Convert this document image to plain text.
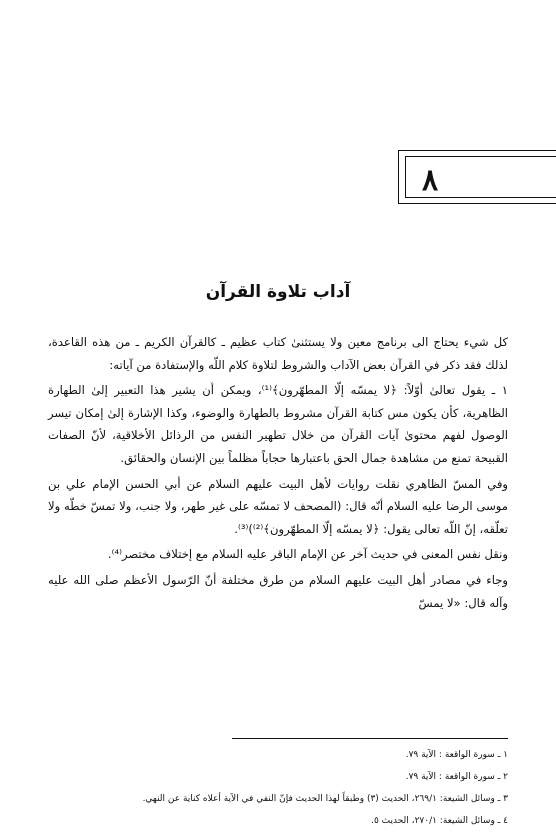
٨
آداب تلاوة القرآن

كل شيء يحتاج الى برنامج معين ولا يستثنىٰ كتاب عظيم ـ كالقرآن الكريم ـ من هذه القاعدة، لذلك فقد ذكر في القرآن بعض الآداب والشروط لتلاوة كلام اللّه والإستفادة من آياته:

١ ـ يقول تعالىٰ أوّلاً: ﴿لا يمسّه إلّا المطهّرون﴾⁽¹⁾، ويمكن أن يشير هذا التعبير إلىٰ الطهارة الظاهرية، كأن يكون مس كتابة القرآن مشروط بالطهارة والوضوء، وكذا الإشارة إلىٰ إمكان تيسر الوصول لفهم محتوىٰ آيات القرآن من خلال تطهير النفس من الرذائل الأخلاقية، لأنّ الصفات القبيحة تمنع من مشاهدة جمال الحق باعتبارها حجاباً مظلماً بين الإنسان والحقائق.

وفي المسّ الظاهري نقلت روايات لأهل البيت‌ عليهم السلام عن أبي الحسن الإمام علي بن موسى الرضا عليه السلام أنّه قال: (المصحف لا تمسّه على غير طهر، ولا جنب، ولا تمسّ خطّه ولا تعلّقه، إنّ اللّه تعالى يقول: ﴿لا يمسّه إلّا المطهّرون﴾⁽²⁾)⁽³⁾.

ونقل نفس المعنى في حديث آخر عن الإمام الباقر عليه السلام مع إختلاف مختصر⁽⁴⁾.

وجاء في مصادر أهل البيت عليهم السلام من طرق مختلفة أنّ الرّسول الأعظم صلى الله عليه وآله قال: «لا يمسّ

١ ـ سورة الواقعة : الآية ٧٩.

٢ ـ سورة الواقعة : الآية ٧٩.

٣ ـ وسائل الشيعة: ٢٦٩/١، الحديث (٣) وطبقاً لهذا الحديث فإنّ النفي في الآية أعلاه كناية عن النهي.

٤ ـ وسائل الشيعة: ٢٧٠/١، الحديث ٥.
